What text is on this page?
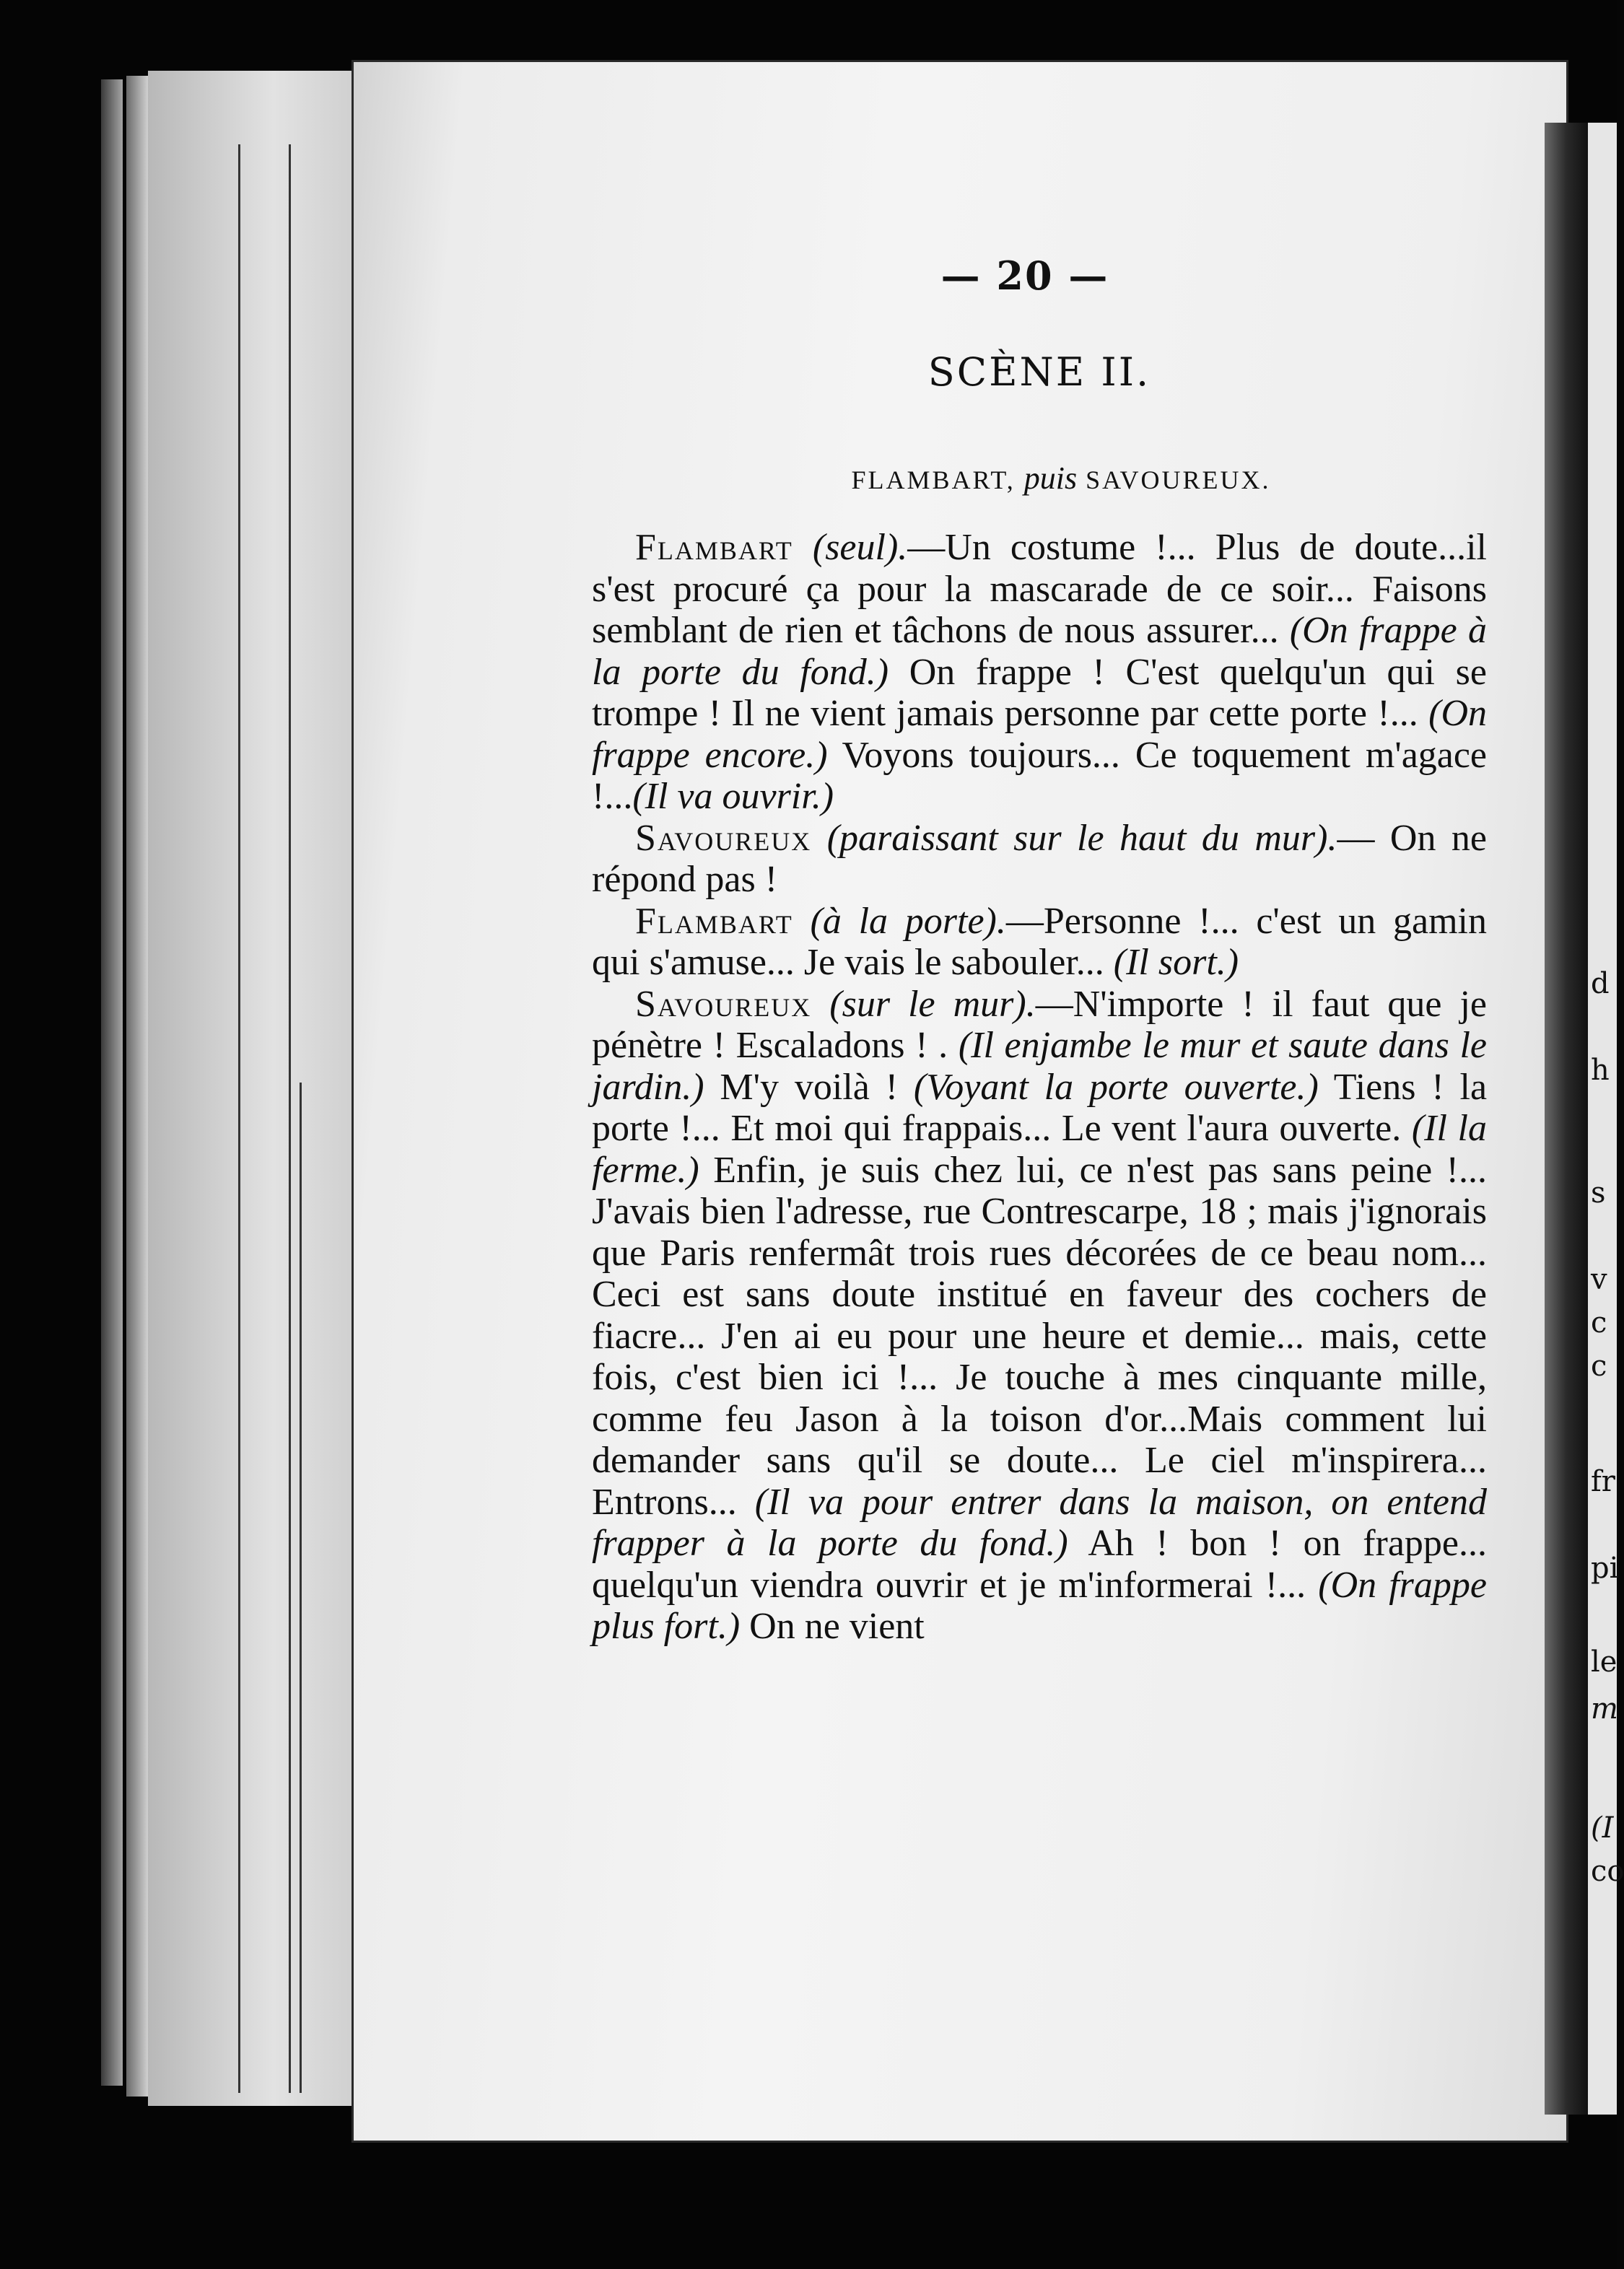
d
h
s
v
c
c
fr
pi
le
m
(I
co
— 20 —
SCÈNE II.
FLAMBART, puis SAVOUREUX.

Flambart (seul).—Un costume !... Plus de doute...il s'est procuré ça pour la mascarade de ce soir... Faisons semblant de rien et tâchons de nous assurer... (On frappe à la porte du fond.) On frappe ! C'est quelqu'un qui se trompe ! Il ne vient jamais personne par cette porte !... (On frappe encore.) Voyons toujours... Ce toquement m'agace !...(Il va ouvrir.)

Savoureux (paraissant sur le haut du mur).— On ne répond pas !

Flambart (à la porte).—Personne !... c'est un gamin qui s'amuse... Je vais le sabouler... (Il sort.)

Savoureux (sur le mur).—N'importe ! il faut que je pénètre ! Escaladons ! . (Il enjambe le mur et saute dans le jardin.) M'y voilà ! (Voyant la porte ouverte.) Tiens ! la porte !... Et moi qui frappais... Le vent l'aura ouverte. (Il la ferme.) Enfin, je suis chez lui, ce n'est pas sans peine !... J'avais bien l'adresse, rue Contrescarpe, 18 ; mais j'ignorais que Paris renfermât trois rues décorées de ce beau nom... Ceci est sans doute institué en faveur des cochers de fiacre... J'en ai eu pour une heure et demie... mais, cette fois, c'est bien ici !... Je touche à mes cinquante mille, comme feu Jason à la toison d'or...Mais comment lui demander sans qu'il se doute... Le ciel m'inspirera... Entrons... (Il va pour entrer dans la maison, on entend frapper à la porte du fond.) Ah ! bon ! on frappe... quelqu'un viendra ouvrir et je m'informerai !... (On frappe plus fort.) On ne vient
